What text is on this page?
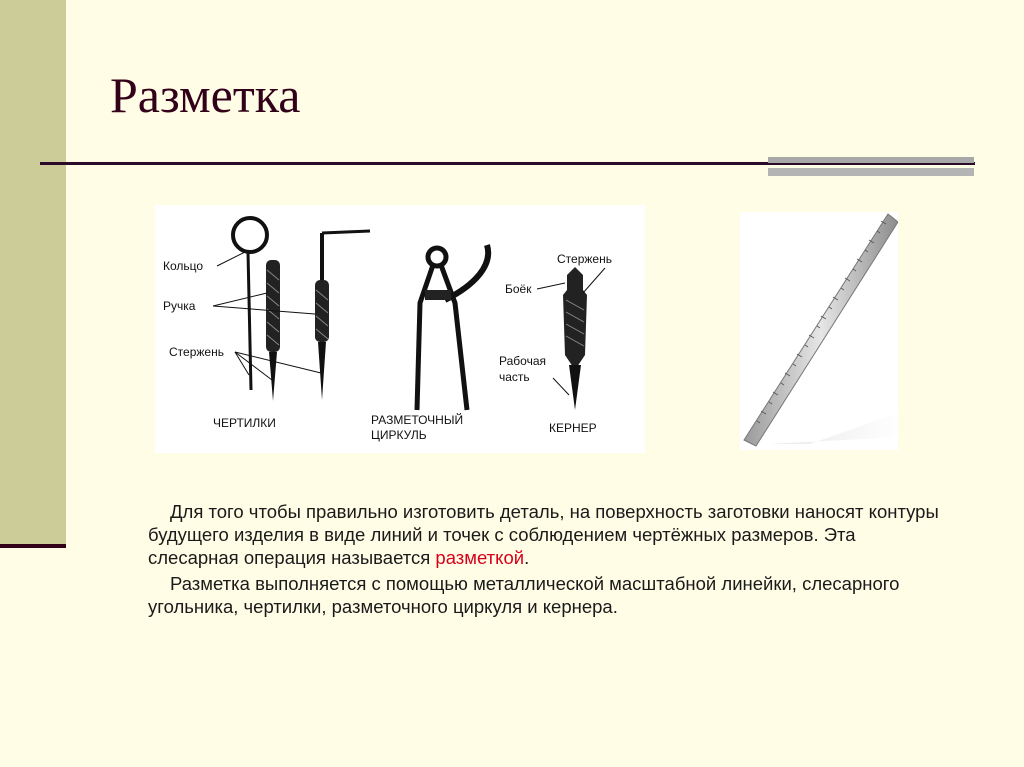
Разметка
Кольцо
Ручка
Стержень
ЧЕРТИЛКИ	РАЗМЕТОЧНЫЙ
ЦИРКУЛЬ
Стержень
Боёк
Рабочая
часть
КЕРНЕР

Для того чтобы правильно изготовить деталь, на поверхность заготовки наносят контуры будущего изделия в виде линий и точек с соблюдением чертёжных размеров. Эта слесарная операция называется разметкой.

Разметка выполняется с помощью металлической масштабной линейки, слесарного угольника, чертилки, разметочного циркуля и кернера.
